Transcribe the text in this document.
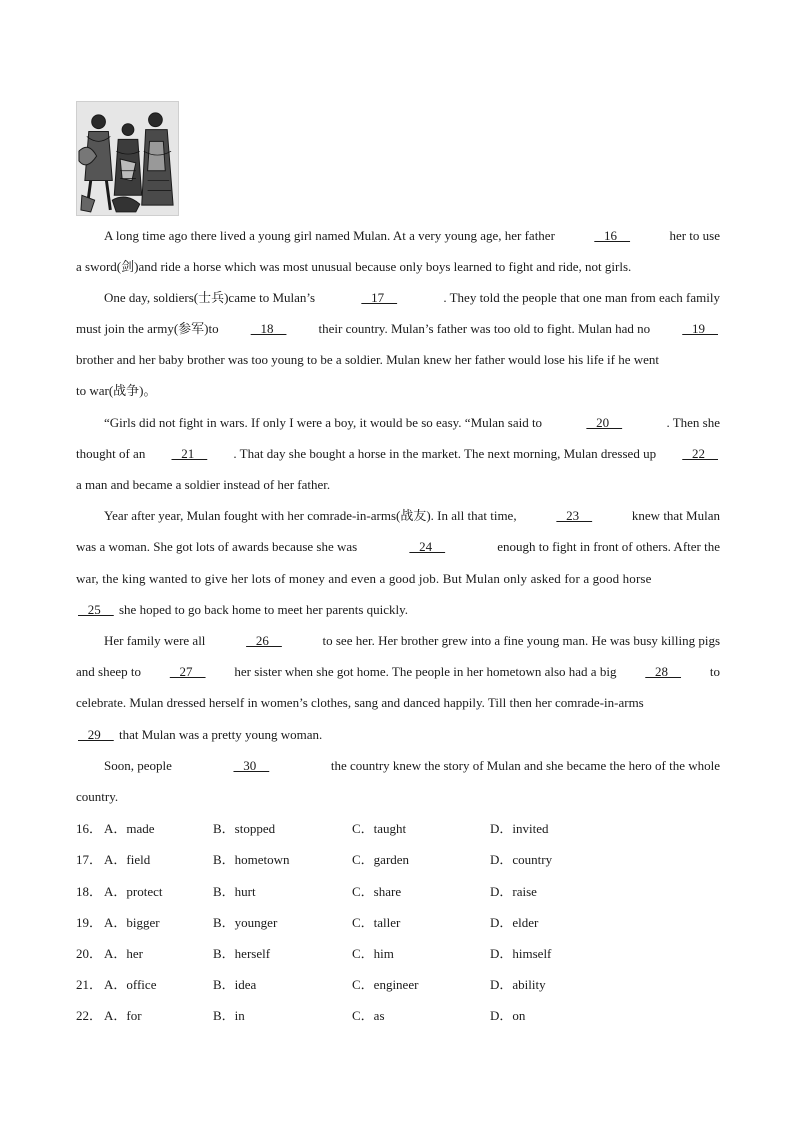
A long time ago there lived a young girl named Mulan. At a very young age, her father	16	her to use
a sword(剑)and ride a horse which was most unusual because only boys learned to fight and ride, not girls.
One day, soldiers(士兵)came to Mulan’s	17	. They told the people that one man from each family
must join the army(参军)to 18 their country. Mulan’s father was too old to fight. Mulan had no 19
brother and her baby brother was too young to be a soldier. Mulan knew her father would lose his life if he went
to war(战争)。
“Girls did not fight in wars. If only I were a boy, it would be so easy. “Mulan said to	20	. Then she
thought of an 21 . That day she bought a horse in the market. The next morning, Mulan dressed up 22
a man and became a soldier instead of her father.
Year after year, Mulan fought with her comrade-in-arms(战友). In all that time,	23	knew that Mulan
was a woman. She got lots of awards because she was	24	enough to fight in front of others. After the
war, the king wanted to give her lots of money and even a good job. But Mulan only asked for a good horse
25     she hoped to go back home to meet her parents quickly.
Her family were all	26	to see her. Her brother grew into a fine young man. He was busy killing pigs
and sheep to 27 her sister when she got home. The people in her hometown also had a big 28 to
celebrate. Mulan dressed herself in women’s clothes, sang and danced happily. Till then her comrade-in-arms
29     that Mulan was a pretty young woman.
Soon, people	30	the country knew the story of Mulan and she became the hero of the whole
country.
16． A．made	B．stopped	C．taught	D．invited
17． A．field	B．hometown	C．garden	D．country
18． A．protect	B．hurt	C．share	D．raise
19． A．bigger	B．younger	C．taller	D．elder
20． A．her	B．herself	C．him	D．himself
21． A．office	B．idea	C．engineer	D．ability
22． A．for	B．in	C．as	D．on
